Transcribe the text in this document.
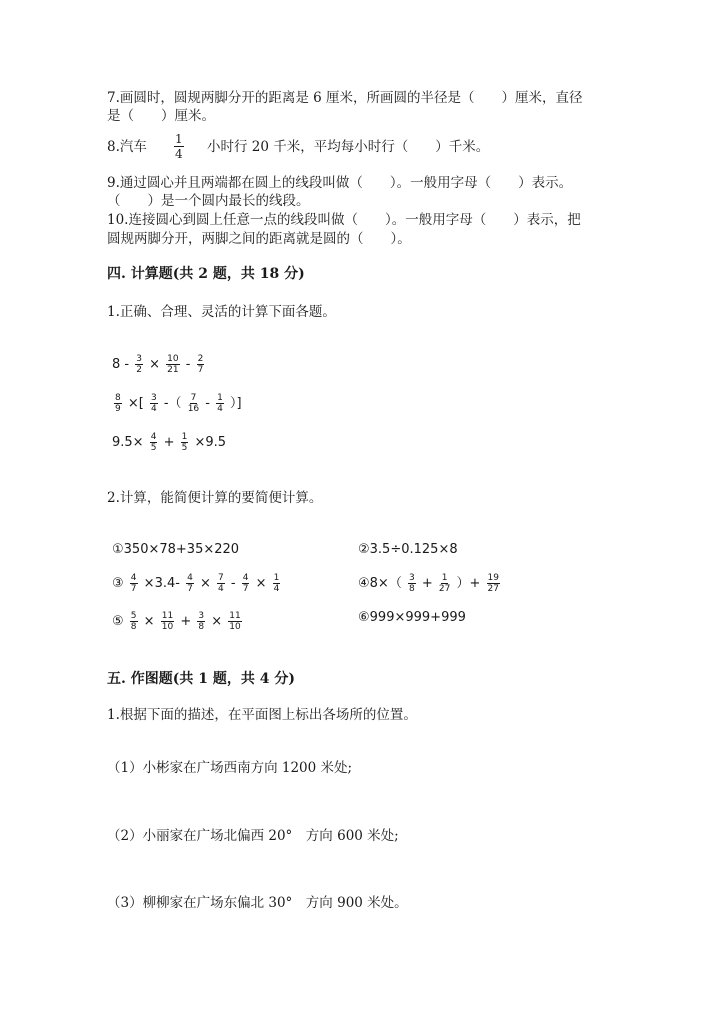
7.画圆时，圆规两脚分开的距离是 6 厘米，所画圆的半径是（　　）厘米，直径
是（　　）厘米。
8.汽车 $\frac{1}{4}$ 小时行 20 千米，平均每小时行（　　）千米。
9.通过圆心并且两端都在圆上的线段叫做（　　）。一般用字母（　　）表示。
（　　）是一个圆内最长的线段。
10.连接圆心到圆上任意一点的线段叫做（　　）。一般用字母（　　）表示，把
圆规两脚分开，两脚之间的距离就是圆的（　　）。
四. 计算题(共 2 题，共 18 分)
1.正确、合理、灵活的计算下面各题。
$8 - \frac{3}{2} \times \frac{10}{21} - \frac{2}{7}$
$\frac{8}{9}$ ×[ $\frac{3}{4}$ -（ $\frac{7}{16} - \frac{1}{4}$ ）]
$9.5\times \frac{4}{5} + \frac{1}{5} \times 9.5$
2.计算，能简便计算的要简便计算。
①350×78+35×220	②3.5÷0.125×8
③ $\frac{4}{7} \times 3.4- \frac{4}{7} \times \frac{7}{4} - \frac{4}{7} \times \frac{1}{4}$	④8×（ $\frac{3}{8} + \frac{1}{27}$ ）+ $\frac{19}{27}$
⑤ $\frac{5}{8} \times \frac{11}{10} + \frac{3}{8} \times \frac{11}{10}$	⑥999×999+999
五. 作图题(共 1 题，共 4 分)
1.根据下面的描述，在平面图上标出各场所的位置。
（1）小彬家在广场西南方向 1200 米处;
（2）小丽家在广场北偏西 20°　方向 600 米处;
（3）柳柳家在广场东偏北 30°　方向 900 米处。
